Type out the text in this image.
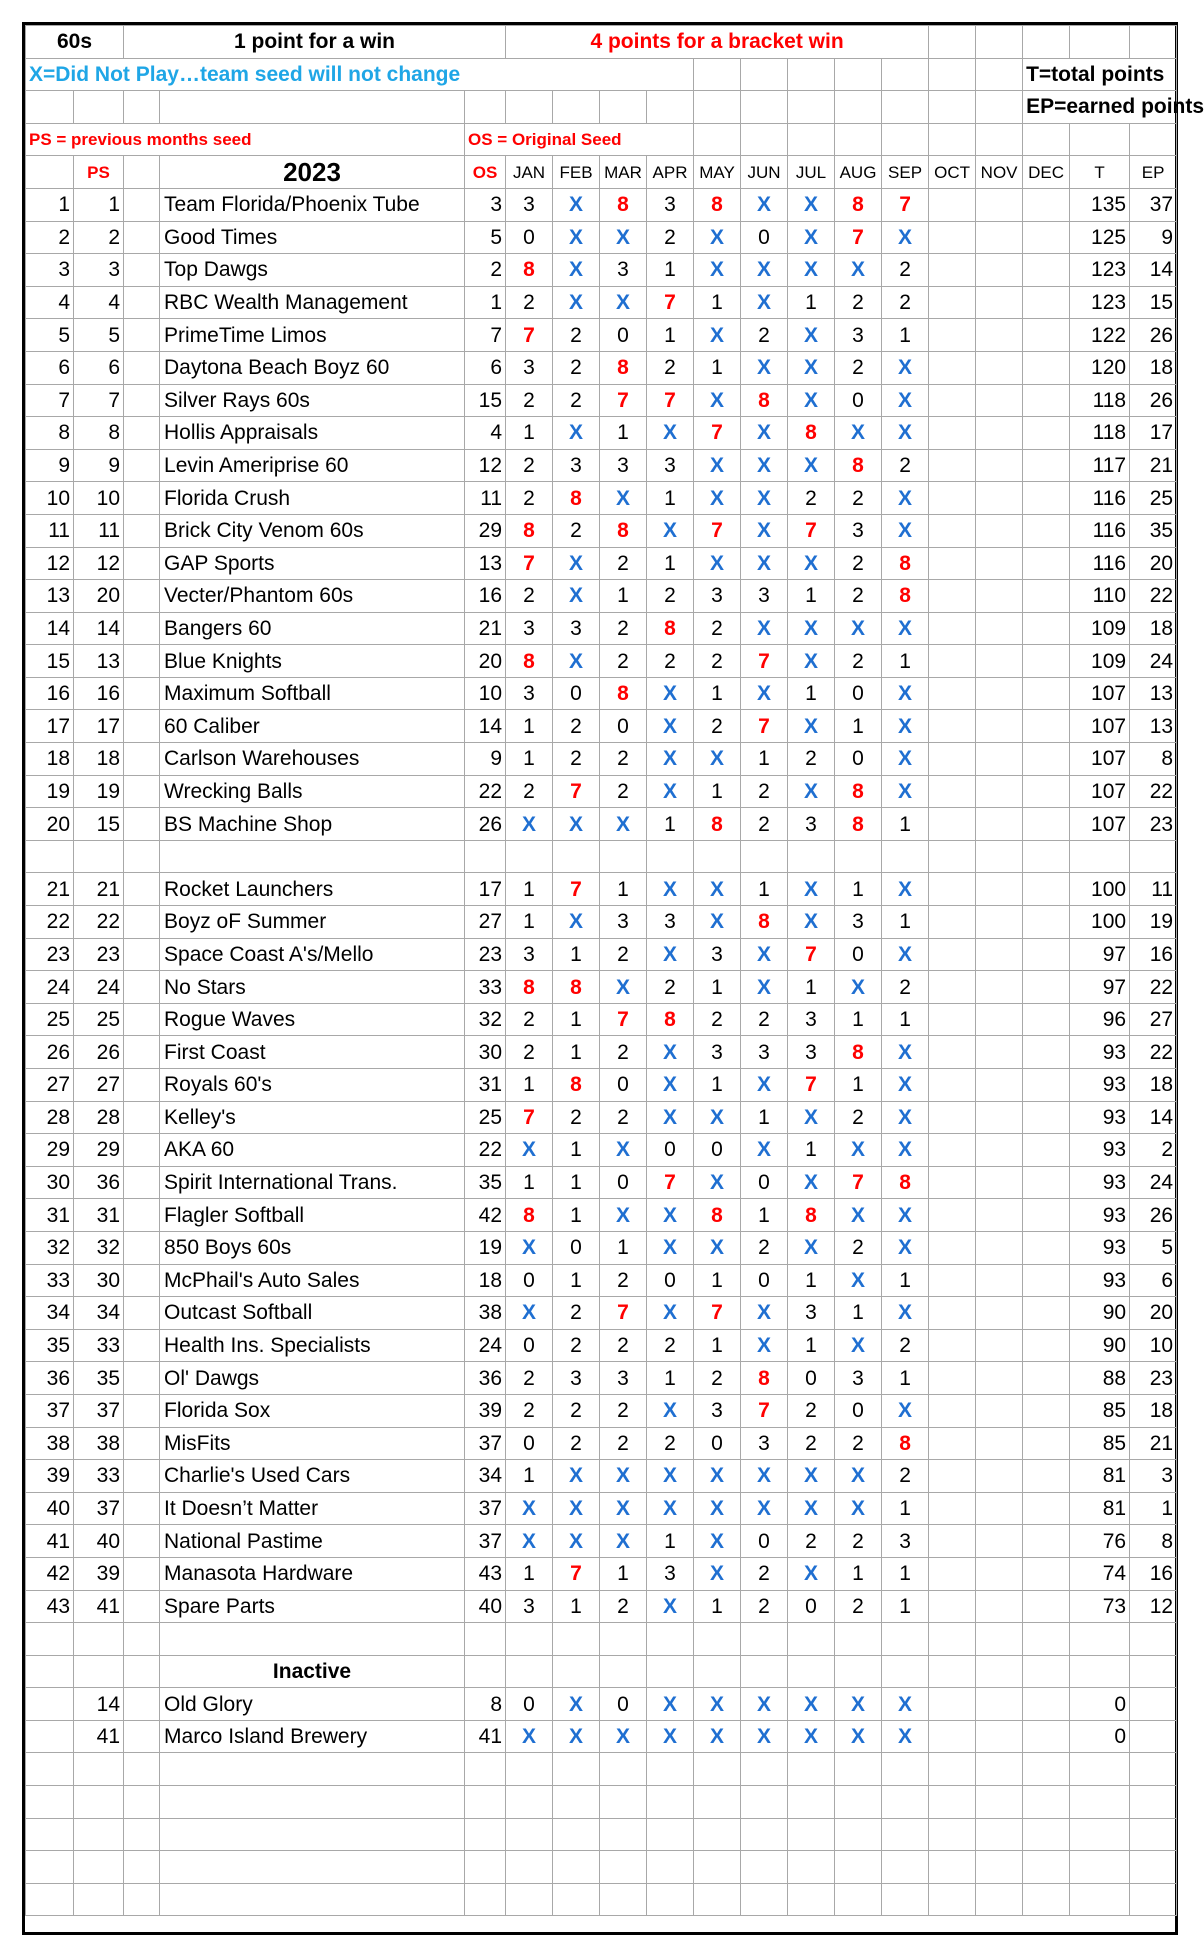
60s		1 point for a win			4 points for a bracket win													
X=Did Not Play…team seed will not change																T=total points		
																EP=earned points		
PS = previous months seed				OS = Original Seed														
	PS		2023	OS	JAN	FEB	MAR	APR	MAY	JUN	JUL	AUG	SEP	OCT	NOV	DEC	T	EP
1	1		Team Florida/Phoenix Tube	3	3	X	8	3	8	X	X	8	7				135	37
2	2		Good Times	5	0	X	X	2	X	0	X	7	X				125	9
3	3		Top Dawgs	2	8	X	3	1	X	X	X	X	2				123	14
4	4		RBC Wealth Management	1	2	X	X	7	1	X	1	2	2				123	15
5	5		PrimeTime Limos	7	7	2	0	1	X	2	X	3	1				122	26
6	6		Daytona Beach Boyz 60	6	3	2	8	2	1	X	X	2	X				120	18
7	7		Silver Rays 60s	15	2	2	7	7	X	8	X	0	X				118	26
8	8		Hollis Appraisals	4	1	X	1	X	7	X	8	X	X				118	17
9	9		Levin Ameriprise 60	12	2	3	3	3	X	X	X	8	2				117	21
10	10		Florida Crush	11	2	8	X	1	X	X	2	2	X				116	25
11	11		Brick City Venom 60s	29	8	2	8	X	7	X	7	3	X				116	35
12	12		GAP Sports	13	7	X	2	1	X	X	X	2	8				116	20
13	20		Vecter/Phantom 60s	16	2	X	1	2	3	3	1	2	8				110	22
14	14		Bangers 60	21	3	3	2	8	2	X	X	X	X				109	18
15	13		Blue Knights	20	8	X	2	2	2	7	X	2	1				109	24
16	16		Maximum Softball	10	3	0	8	X	1	X	1	0	X				107	13
17	17		60 Caliber	14	1	2	0	X	2	7	X	1	X				107	13
18	18		Carlson Warehouses	9	1	2	2	X	X	1	2	0	X				107	8
19	19		Wrecking Balls	22	2	7	2	X	1	2	X	8	X				107	22
20	15		BS Machine Shop	26	X	X	X	1	8	2	3	8	1				107	23

21	21		Rocket Launchers	17	1	7	1	X	X	1	X	1	X				100	11
22	22		Boyz oF Summer	27	1	X	3	3	X	8	X	3	1				100	19
23	23		Space Coast A's/Mello	23	3	1	2	X	3	X	7	0	X				97	16
24	24		No Stars	33	8	8	X	2	1	X	1	X	2				97	22
25	25		Rogue Waves	32	2	1	7	8	2	2	3	1	1				96	27
26	26		First Coast	30	2	1	2	X	3	3	3	8	X				93	22
27	27		Royals 60's	31	1	8	0	X	1	X	7	1	X				93	18
28	28		Kelley's	25	7	2	2	X	X	1	X	2	X				93	14
29	29		AKA 60	22	X	1	X	0	0	X	1	X	X				93	2
30	36		Spirit International Trans.	35	1	1	0	7	X	0	X	7	8				93	24
31	31		Flagler Softball	42	8	1	X	X	8	1	8	X	X				93	26
32	32		850 Boys 60s	19	X	0	1	X	X	2	X	2	X				93	5
33	30		McPhail's Auto Sales	18	0	1	2	0	1	0	1	X	1				93	6
34	34		Outcast Softball	38	X	2	7	X	7	X	3	1	X				90	20
35	33		Health Ins. Specialists	24	0	2	2	2	1	X	1	X	2				90	10
36	35		Ol' Dawgs	36	2	3	3	1	2	8	0	3	1				88	23
37	37		Florida Sox	39	2	2	2	X	3	7	2	0	X				85	18
38	38		MisFits	37	0	2	2	2	0	3	2	2	8				85	21
39	33		Charlie's Used Cars	34	1	X	X	X	X	X	X	X	2				81	3
40	37		It Doesn’t Matter	37	X	X	X	X	X	X	X	X	1				81	1
41	40		National Pastime	37	X	X	X	1	X	0	2	2	3				76	8
42	39		Manasota Hardware	43	1	7	1	3	X	2	X	1	1				74	16
43	41		Spare Parts	40	3	1	2	X	1	2	0	2	1				73	12

			Inactive															
	14		Old Glory	8	0	X	0	X	X	X	X	X	X				0	
	41		Marco Island Brewery	41	X	X	X	X	X	X	X	X	X				0	
